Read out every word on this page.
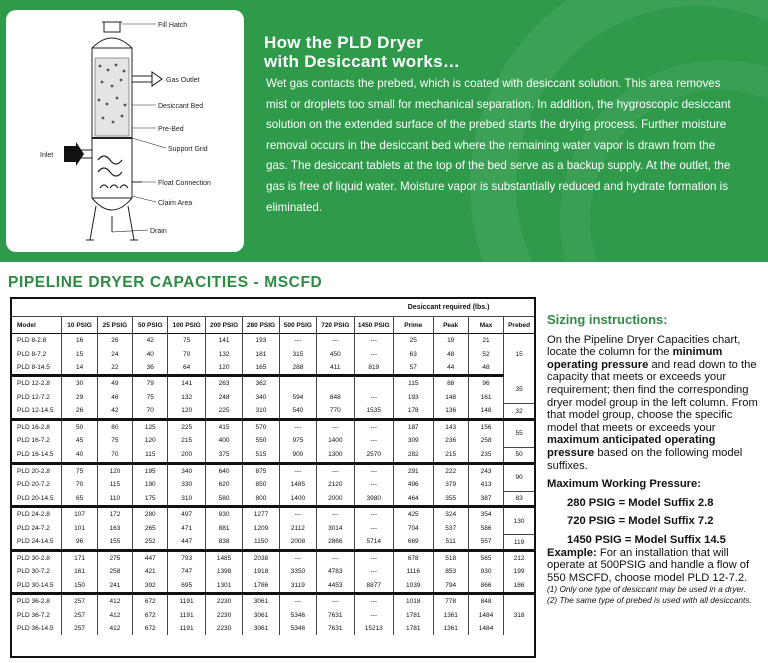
Fill Hatch
Gas Outlet
Desiccant Bed
Pre-Bed
Support Grid
Inlet
Float Connection
Claim Area
Drain
How the PLD Dryer
with Desiccant works…
Wet gas contacts the prebed, which is coated with desiccant solution. This area removes mist or droplets too small for mechanical separation. In addition, the hygroscopic desiccant solution on the extended surface of the prebed starts the drying process. Further moisture removal occurs in the desiccant bed where the remaining water vapor is drawn from the gas. The desiccant tablets at the top of the bed serve as a backup supply. At the outlet, the gas is free of liquid water. Moisture vapor is substantially reduced and hydrate formation is eliminated.
PIPELINE DRYER CAPACITIES - MSCFD
										Desiccant required (lbs.)			
Model	10 PSIG	25 PSIG	50 PSIG	100 PSIG	200 PSIG	280 PSIG	500 PSIG	720 PSIG	1450 PSIG	Prime	Peak	Max	Prebed
PLD 8-2.8	16	26	42	75	141	193	---	---	---	25	19	21	15
PLD 8-7.2	15	24	40	70	132	181	315	450	---	63	48	52	
PLD 8-14.5	14	22	36	64	120	165	288	411	819	57	44	48	
PLD 12-2.8	30	49	79	141	263	362				115	88	96	35
PLD 12-7.2	29	46	75	132	248	340	594	848	---	193	148	161	
PLD 12-14.5	26	42	70	120	225	310	540	770	1535	178	136	148	32
PLD 16-2.8	50	80	125	225	415	570	---	---	---	187	143	156	55
PLD 16-7.2	45	75	120	215	400	550	975	1400	---	309	236	258	
PLD 16-14.5	40	70	115	200	375	515	900	1300	2570	282	215	235	50
PLD 20-2.8	75	120	195	340	640	875	---	---	---	291	222	243	90
PLD 20-7.2	70	115	190	330	620	850	1485	2120	---	496	379	413	
PLD 20-14.5	65	110	175	310	580	800	1400	2000	3980	464	355	387	83
PLD 24-2.8	107	172	280	497	930	1277	---	---	---	425	324	354	130
PLD 24-7.2	101	163	265	471	881	1209	2112	3014	---	704	537	586	
PLD 24-14.5	96	155	252	447	838	1150	2008	2866	5714	669	511	557	119
PLD 30-2.8	171	275	447	793	1485	2038	---	---	---	678	518	565	212
PLD 30-7.2	161	258	421	747	1398	1918	3350	4783	---	1116	853	930	199
PLD 30-14.5	150	241	392	695	1301	1786	3119	4453	8877	1039	794	866	186
PLD 36-2.8	257	412	672	1191	2230	3061	---	---	---	1018	778	848	318
PLD 36-7.2	257	412	672	1191	2230	3061	5346	7631	---	1781	1361	1484	
PLD 36-14.5	257	412	672	1191	2230	3061	5346	7631	15213	1781	1361	1484	
Sizing instructions:

On the Pipeline Dryer Capacities chart, locate the column for the minimum operating pressure and read down to the capacity that meets or exceeds your requirement; then find the corresponding dryer model group in the left column. From that model group, choose the specific model that meets or exceeds your maximum anticipated operating pressure based on the following model suffixes.

Maximum Working Pressure:
280 PSIG = Model Suffix 2.8
720 PSIG = Model Suffix 7.2
1450 PSIG = Model Suffix 14.5

Example: For an installation that will operate at 500PSIG and handle a flow of 550 MSCFD, choose model PLD 12-7.2.

(1) Only one type of desiccant may be used in a dryer.

(2) The same type of prebed is used with all desiccants.
